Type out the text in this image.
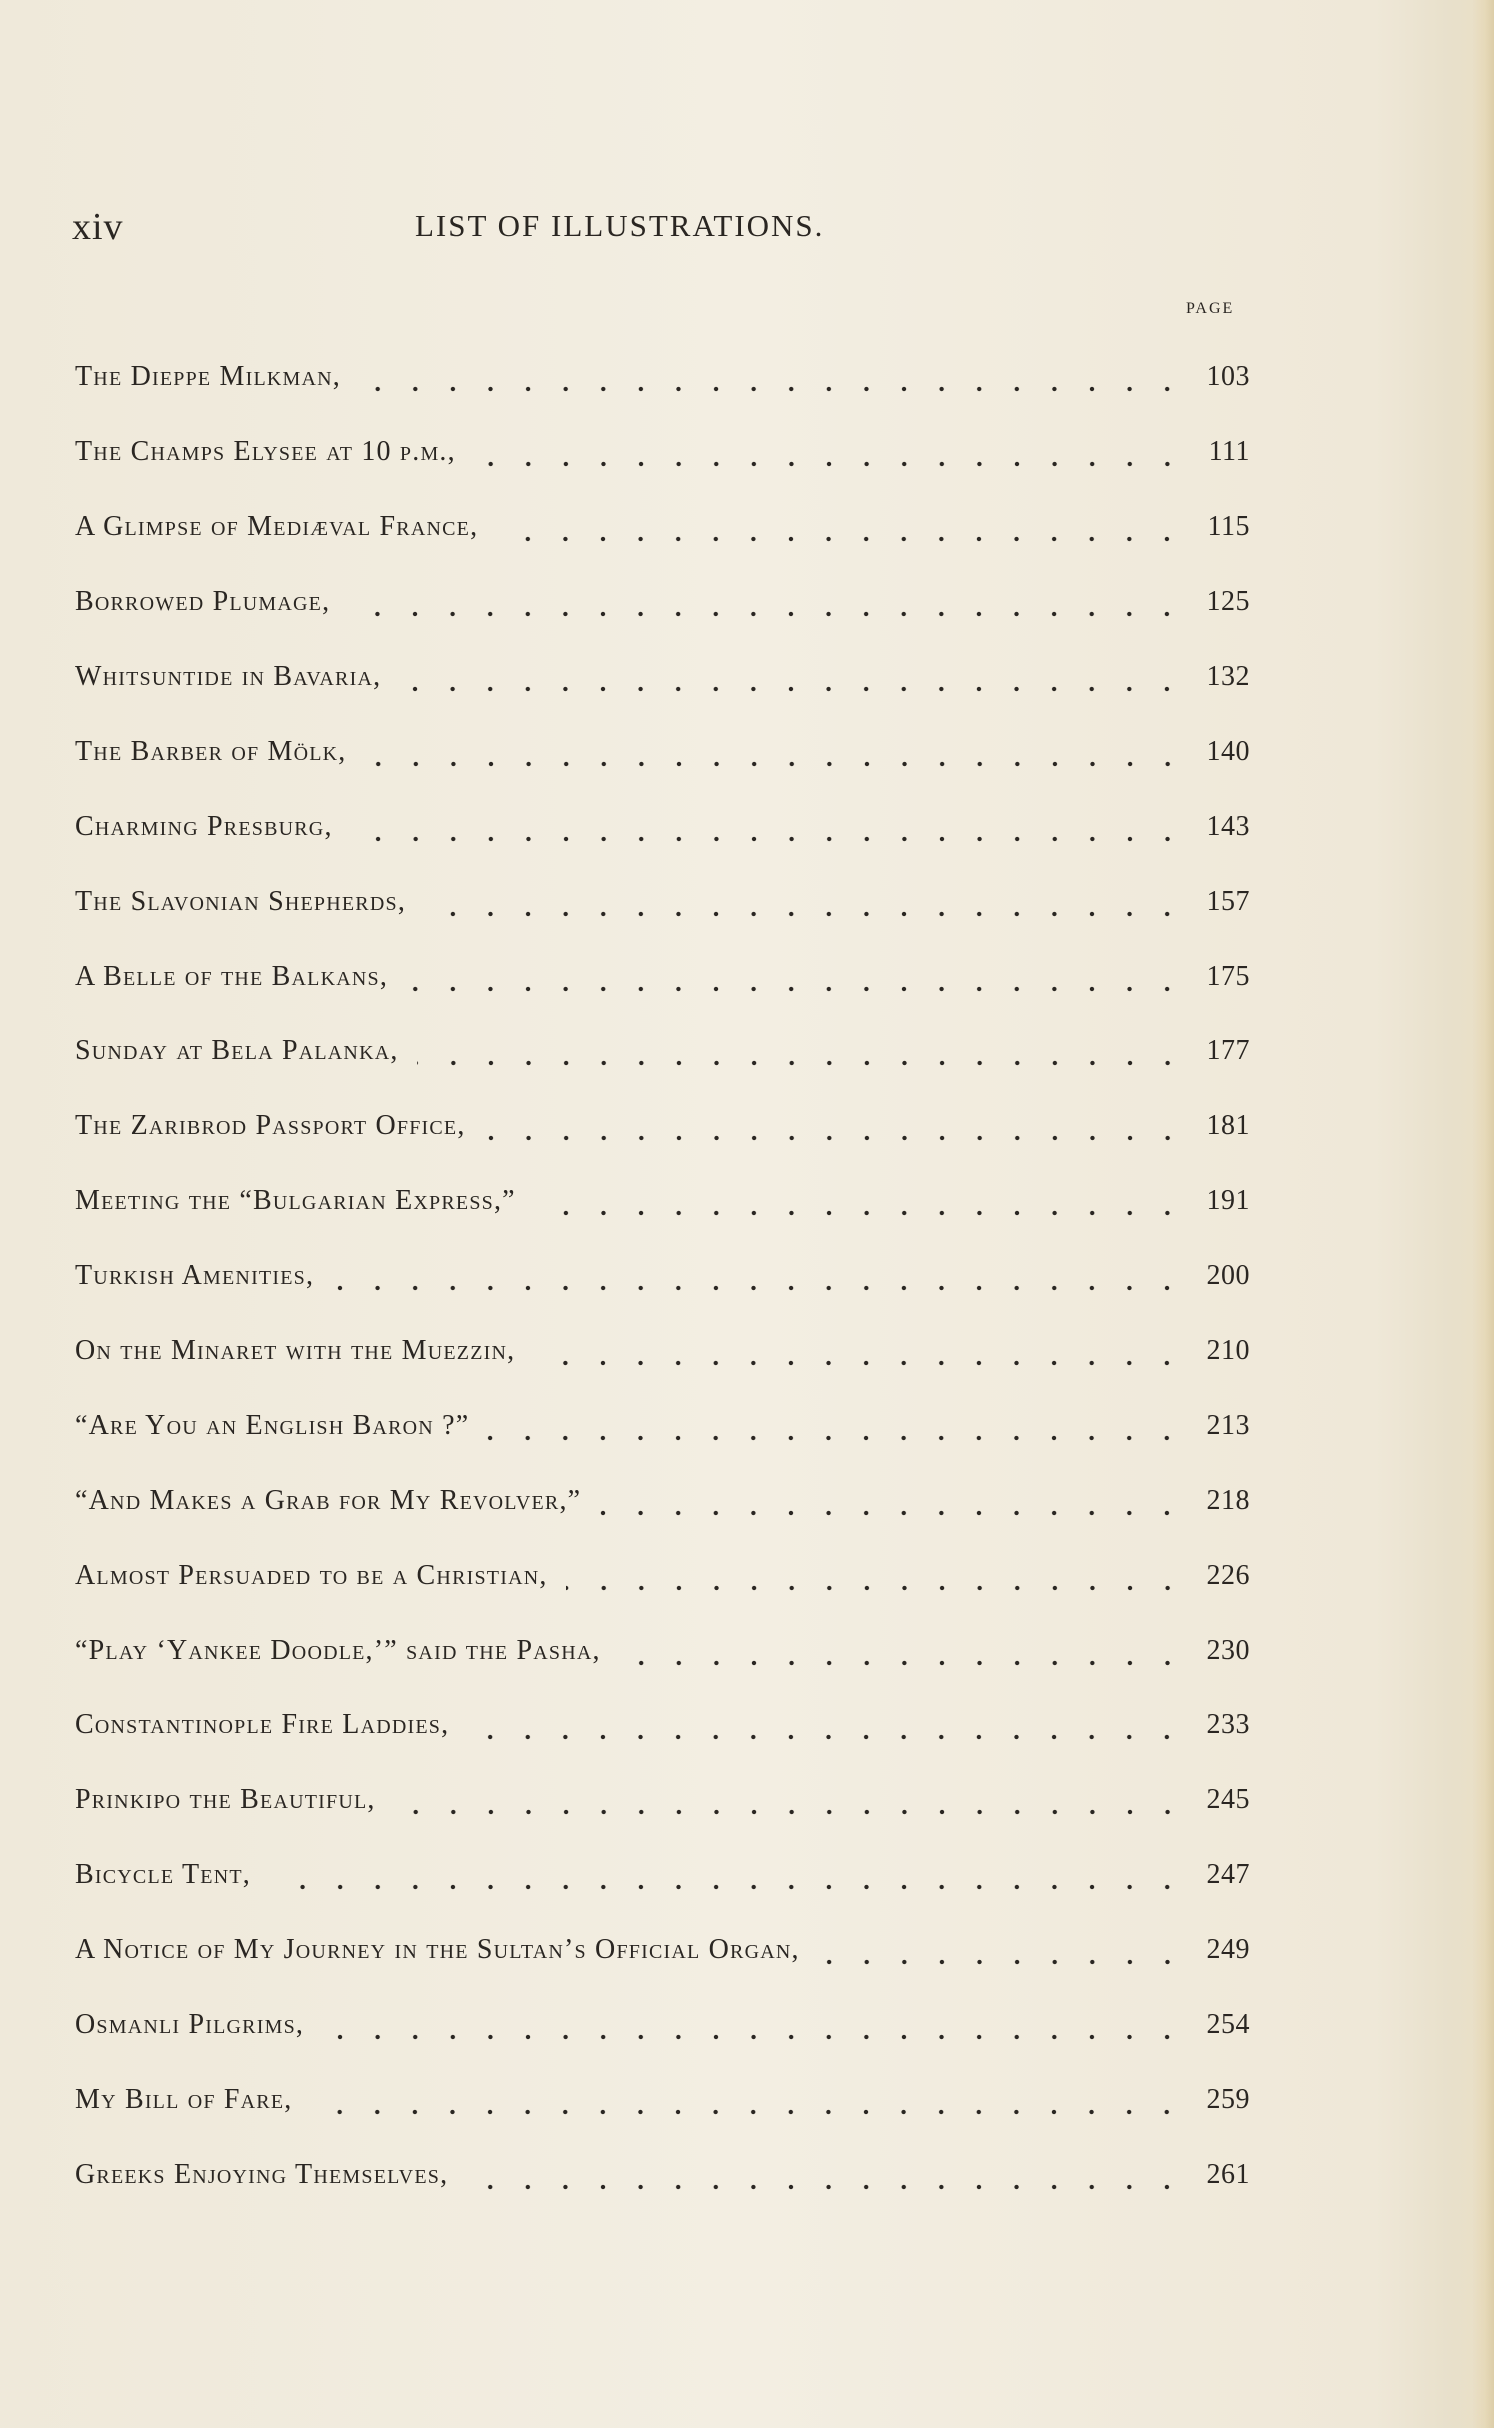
xiv	LIST OF ILLUSTRATIONS.
PAGE
The Dieppe Milkman,	103
The Champs Elysee at 10 p.m.,	111
A Glimpse of Mediæval France,	115
Borrowed Plumage,	125
Whitsuntide in Bavaria,	132
The Barber of Mölk,	140
Charming Presburg,	143
The Slavonian Shepherds,	157
A Belle of the Balkans,	175
Sunday at Bela Palanka,	177
The Zaribrod Passport Office,	181
Meeting the “Bulgarian Express,”	191
Turkish Amenities,	200
On the Minaret with the Muezzin,	210
“Are You an English Baron ?”	213
“And Makes a Grab for My Revolver,”	218
Almost Persuaded to be a Christian,	226
“Play ‘Yankee Doodle,’” said the Pasha,	230
Constantinople Fire Laddies,	233
Prinkipo the Beautiful,	245
Bicycle Tent,	247
A Notice of My Journey in the Sultan’s Official Organ,	249
Osmanli Pilgrims,	254
My Bill of Fare,	259
Greeks Enjoying Themselves,	261
